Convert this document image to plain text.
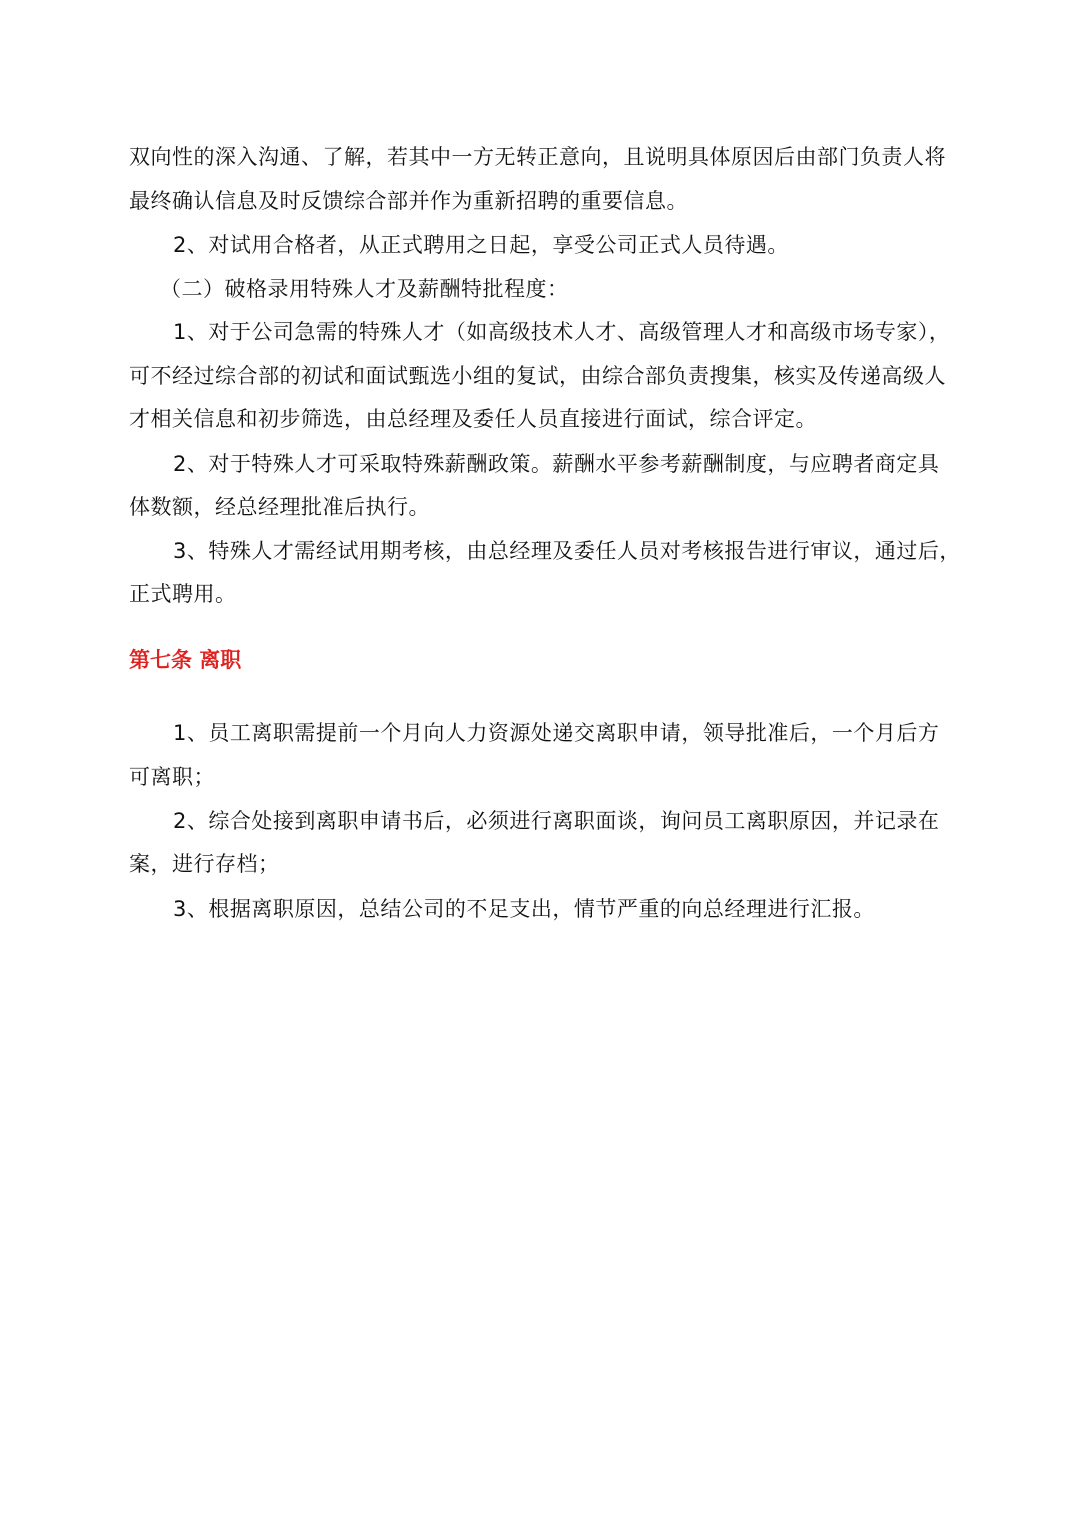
双向性的深入沟通、了解，若其中一方无转正意向，且说明具体原因后由部门负责人将
最终确认信息及时反馈综合部并作为重新招聘的重要信息。
2、对试用合格者，从正式聘用之日起，享受公司正式人员待遇。
（二）破格录用特殊人才及薪酬特批程度：
1、对于公司急需的特殊人才（如高级技术人才、高级管理人才和高级市场专家），
可不经过综合部的初试和面试甄选小组的复试，由综合部负责搜集，核实及传递高级人
才相关信息和初步筛选，由总经理及委任人员直接进行面试，综合评定。
2、对于特殊人才可采取特殊薪酬政策。薪酬水平参考薪酬制度，与应聘者商定具
体数额，经总经理批准后执行。
3、特殊人才需经试用期考核，由总经理及委任人员对考核报告进行审议，通过后，
正式聘用。
第七条 离职
1、员工离职需提前一个月向人力资源处递交离职申请，领导批准后，一个月后方
可离职；
2、综合处接到离职申请书后，必须进行离职面谈，询问员工离职原因，并记录在
案，进行存档；
3、根据离职原因，总结公司的不足支出，情节严重的向总经理进行汇报。
